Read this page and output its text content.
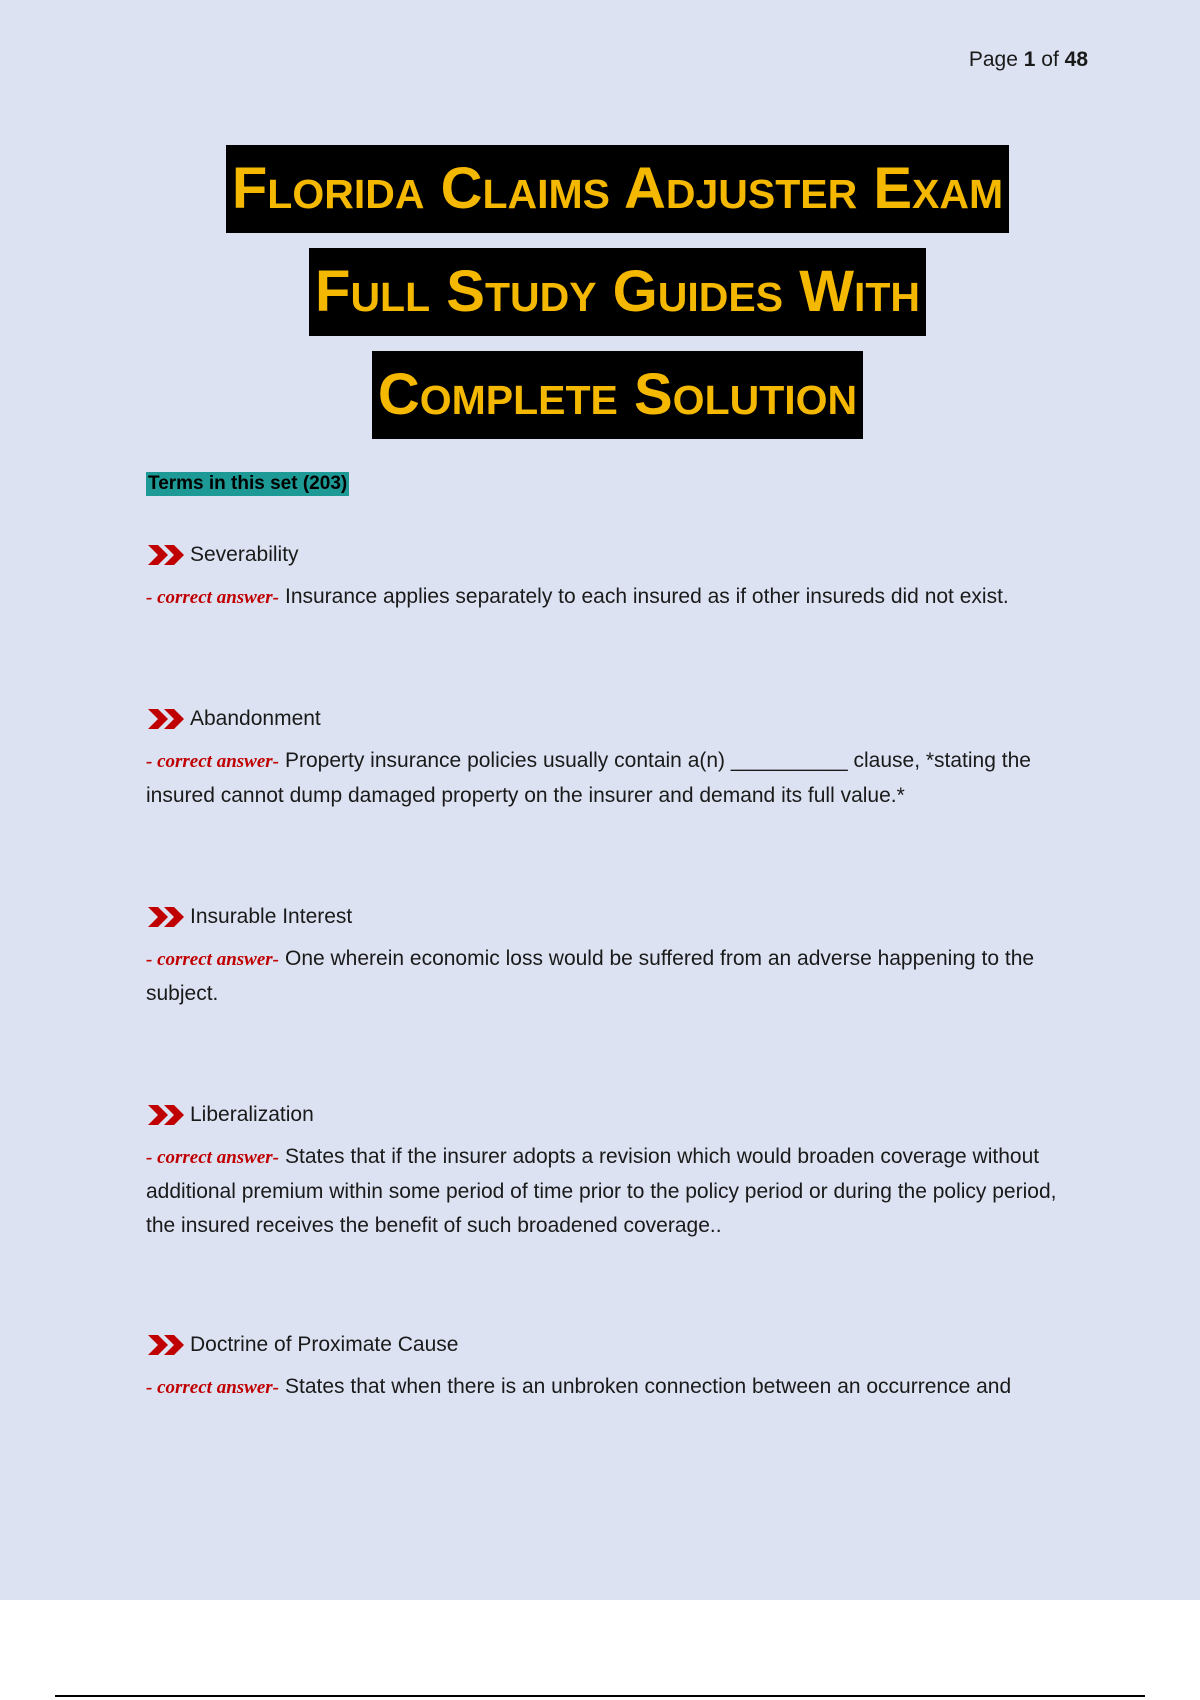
Page 1 of 48
Florida Claims Adjuster Exam
Full Study Guides With
Complete Solution
Terms in this set (203)
Severability
- correct answer- Insurance applies separately to each insured as if other insureds did not exist.
Abandonment
- correct answer- Property insurance policies usually contain a(n) __________ clause, *stating the insured cannot dump damaged property on the insurer and demand its full value.*
Insurable Interest
- correct answer- One wherein economic loss would be suffered from an adverse happening to the subject.
Liberalization
- correct answer- States that if the insurer adopts a revision which would broaden coverage without additional premium within some period of time prior to the policy period or during the policy period, the insured receives the benefit of such broadened coverage..
Doctrine of Proximate Cause
- correct answer- States that when there is an unbroken connection between an occurrence and
